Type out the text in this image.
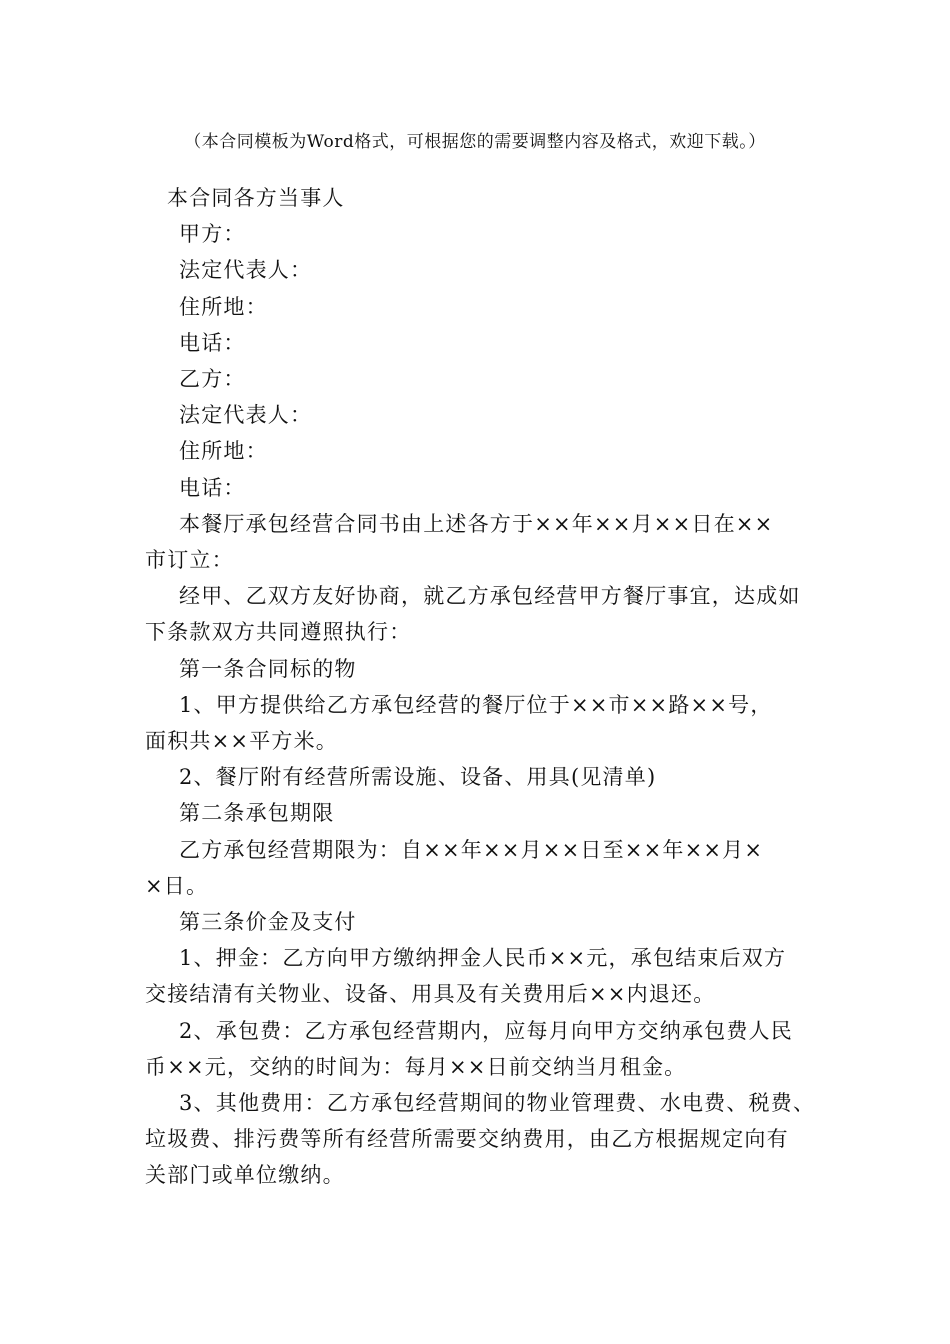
（本合同模板为Word格式，可根据您的需要调整内容及格式，欢迎下载。）

本合同各方当事人

甲方：

法定代表人：

住所地：

电话：

乙方：

法定代表人：

住所地：

电话：

本餐厅承包经营合同书由上述各方于××年××月××日在××
市订立：

经甲、乙双方友好协商，就乙方承包经营甲方餐厅事宜，达成如
下条款双方共同遵照执行：

第一条合同标的物

1、甲方提供给乙方承包经营的餐厅位于××市××路××号，
面积共××平方米。

2、餐厅附有经营所需设施、设备、用具(见清单)

第二条承包期限

乙方承包经营期限为：自××年××月××日至××年××月×
×日。

第三条价金及支付

1、押金：乙方向甲方缴纳押金人民币××元，承包结束后双方
交接结清有关物业、设备、用具及有关费用后××内退还。

2、承包费：乙方承包经营期内，应每月向甲方交纳承包费人民
币××元，交纳的时间为：每月××日前交纳当月租金。

3、其他费用：乙方承包经营期间的物业管理费、水电费、税费、
垃圾费、排污费等所有经营所需要交纳费用，由乙方根据规定向有
关部门或单位缴纳。
